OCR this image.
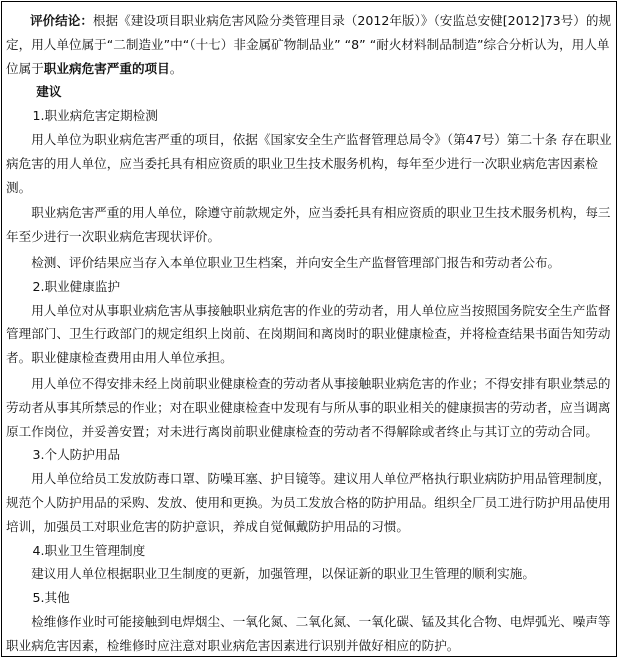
评价结论：根据《建设项目职业病危害风险分类管理目录（2012年版）》（安监总安健[2012]73号）的规定，用人单位属于“二制造业”中“（十七）非金属矿物制品业” “8” “耐火材料制品制造”综合分析认为，用人单位属于职业病危害严重的项目。

建议

1.职业病危害定期检测

用人单位为职业病危害严重的项目，依据《国家安全生产监督管理总局令》（第47号）第二十条 存在职业病危害的用人单位，应当委托具有相应资质的职业卫生技术服务机构，每年至少进行一次职业病危害因素检测。

职业病危害严重的用人单位，除遵守前款规定外，应当委托具有相应资质的职业卫生技术服务机构，每三年至少进行一次职业病危害现状评价。

检测、评价结果应当存入本单位职业卫生档案，并向安全生产监督管理部门报告和劳动者公布。

2.职业健康监护

用人单位对从事职业病危害从事接触职业病危害的作业的劳动者，用人单位应当按照国务院安全生产监督管理部门、卫生行政部门的规定组织上岗前、在岗期间和离岗时的职业健康检查，并将检查结果书面告知劳动者。职业健康检查费用由用人单位承担。

用人单位不得安排未经上岗前职业健康检查的劳动者从事接触职业病危害的作业；不得安排有职业禁忌的劳动者从事其所禁忌的作业；对在职业健康检查中发现有与所从事的职业相关的健康损害的劳动者，应当调离原工作岗位，并妥善安置；对未进行离岗前职业健康检查的劳动者不得解除或者终止与其订立的劳动合同。

3.个人防护用品

用人单位给员工发放防毒口罩、防噪耳塞、护目镜等。建议用人单位严格执行职业病防护用品管理制度，规范个人防护用品的采购、发放、使用和更换。为员工发放合格的防护用品。组织全厂员工进行防护用品使用培训，加强员工对职业危害的防护意识，养成自觉佩戴防护用品的习惯。

4.职业卫生管理制度

建议用人单位根据职业卫生制度的更新，加强管理，以保证新的职业卫生管理的顺利实施。

5.其他

检维修作业时可能接触到电焊烟尘、一氧化氮、二氧化氮、一氧化碳、锰及其化合物、电焊弧光、噪声等职业病危害因素，检维修时应注意对职业病危害因素进行识别并做好相应的防护。
